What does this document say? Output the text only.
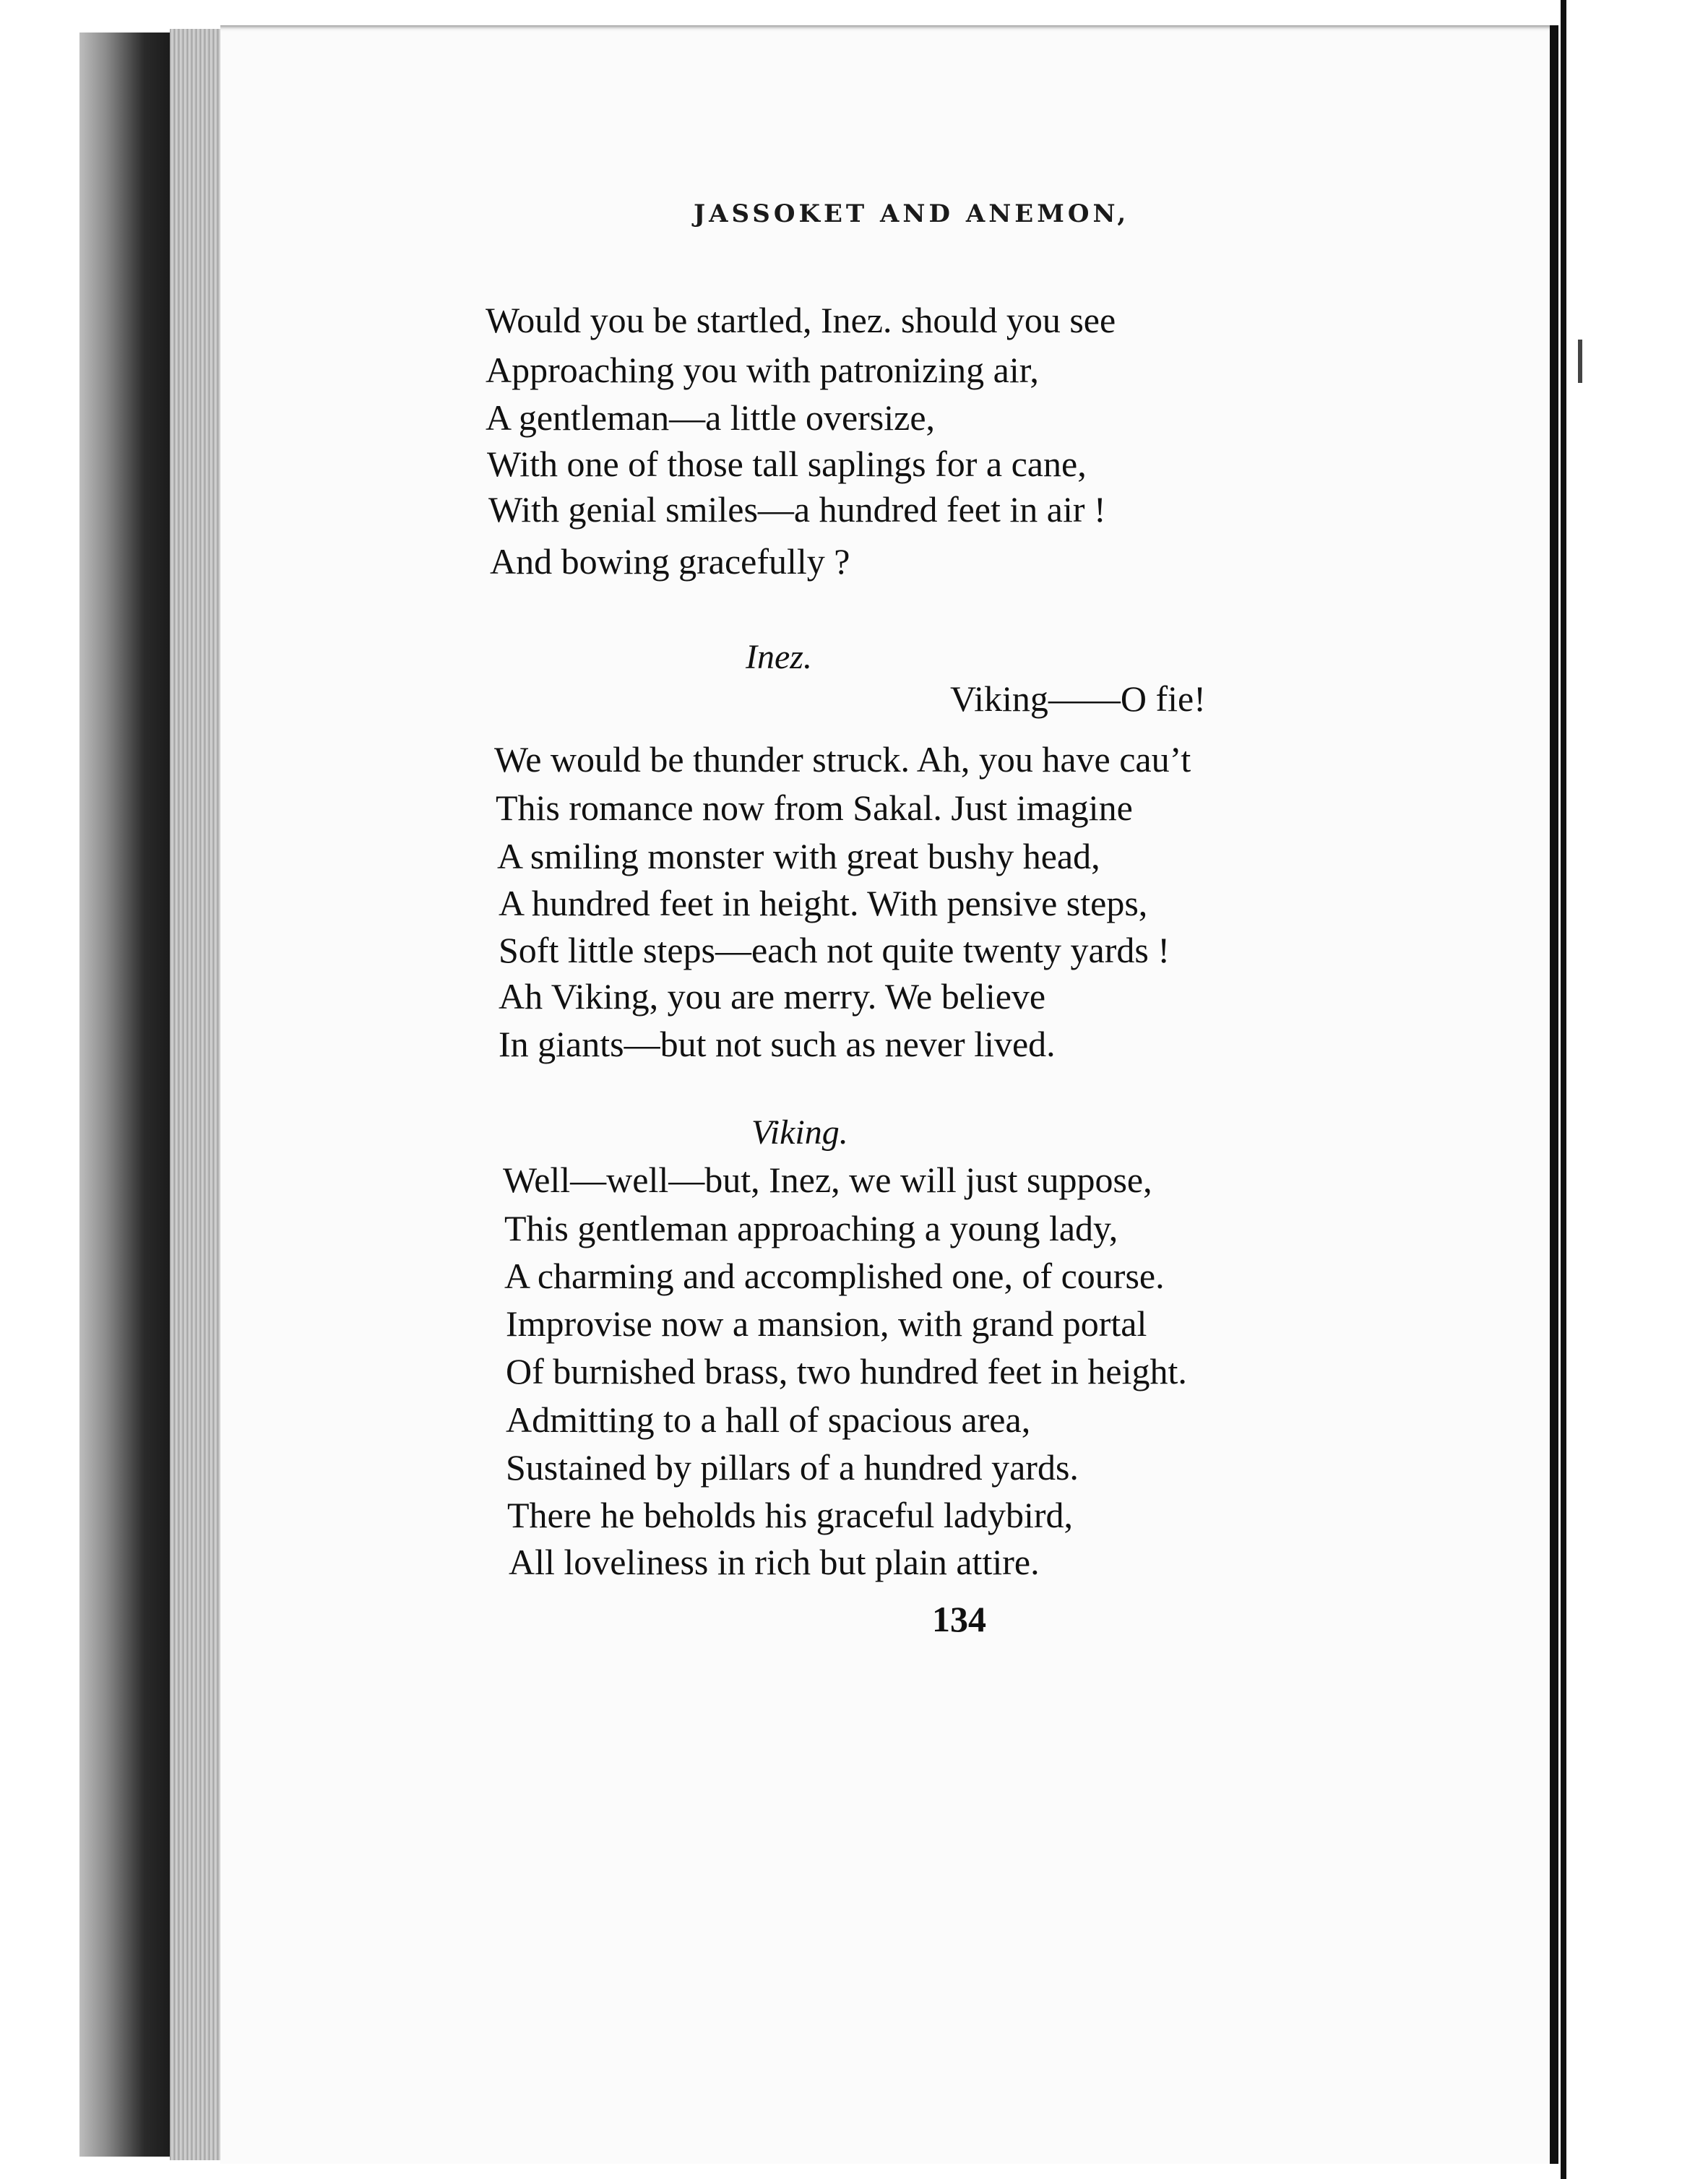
JASSOKET AND ANEMON,
Would you be startled, Inez. should you see
Approaching you with patronizing air,
A gentleman—a little oversize,
With one of those tall saplings for a cane,
With genial smiles—a hundred feet in air !
And bowing gracefully ?
Inez.
Viking——O fie!
We would be thunder struck. Ah, you have cau’t
This romance now from Sakal. Just imagine
A smiling monster with great bushy head,
A hundred feet in height. With pensive steps,
Soft little steps—each not quite twenty yards !
Ah Viking, you are merry. We believe
In giants—but not such as never lived.
Viking.
Well—well—but, Inez, we will just suppose,
This gentleman approaching a young lady,
A charming and accomplished one, of course.
Improvise now a mansion, with grand portal
Of burnished brass, two hundred feet in height.
Admitting to a hall of spacious area,
Sustained by pillars of a hundred yards.
There he beholds his graceful ladybird,
All loveliness in rich but plain attire.
134
